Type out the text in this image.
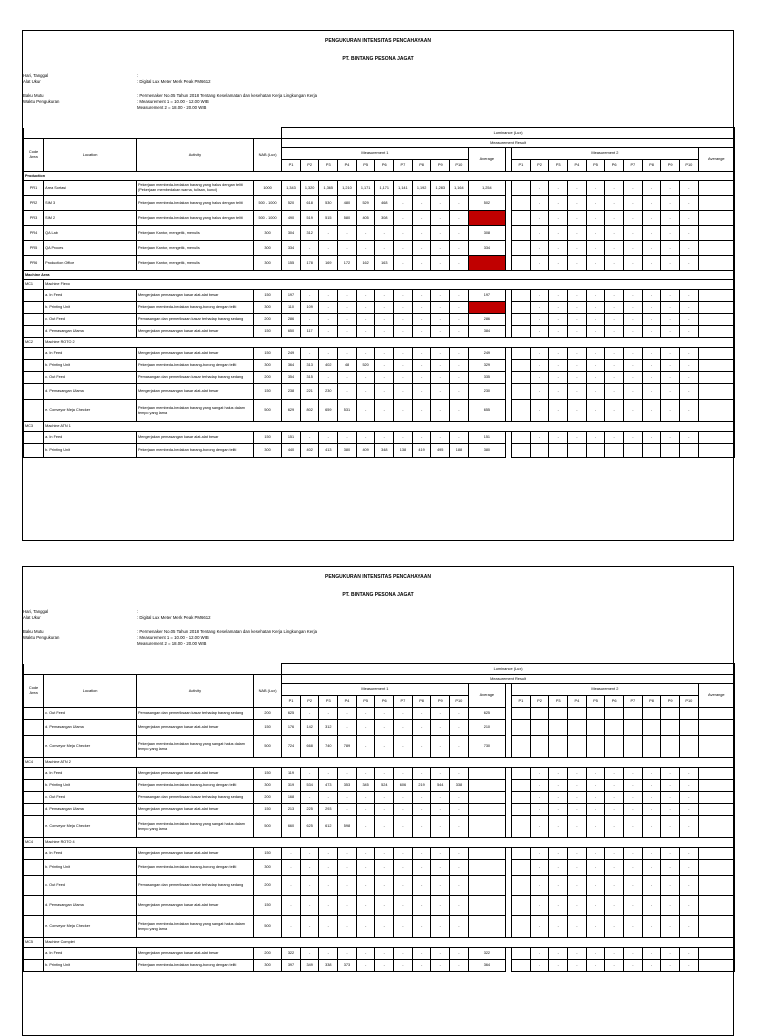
PENGUKURAN INTENSITAS PENCAHAYAAN
PT. BINTANG PESONA JAGAT
Hari, Tanggal	:
Alat Ukur	: Digital Lux Meter Merk Peak PM6612
Baku Mutu	: Permenaker No.05 Tahun 2018 Tentang Keselamatan dan kesehatan Kerja Lingkungan Kerja
Waktu Pengukuran	: Measurement 1 = 10.00 - 12.00 WIB
Measurement 2 = 18.00 - 20.00 WIB
				Luminance (Lux)																						
Code Area	Location	Activity	NAB (Lux)	Measurement Result																						
				Measurement 1										Average		Measurement 2										Averange
				P1	P2	P3	P4	P5	P6	P7	P8	P9	P10			P1	P2	P3	P4	P5	P6	P7	P8	P9	P10	
Production																										
PR1	Area Sortasi	Pekerjaan membeda-bedakan barang yang halus dengan teliti (Pekerjaan membedakan warna, tulisan, kunci)	1000	1,343	1,320	1,365	1,210	1,171	1,171	1,141	1,192	1,283	1,164	1,254			-	-	-	-	-	-	-	-	-	
PR2	SIM 3	Pekerjaan membeda-bedakan barang yang halus dengan teliti	500 - 1000	520	618	530	480	529	468	-	-	-	-	502			-	-	-	-	-	-	-	-	-	
PR3	SIM 2	Pekerjaan membeda-bedakan barang yang halus dengan teliti	500 - 1000	490	519	515	580	405	308	-	-	-	-				-	-	-	-	-	-	-	-	-	
PR4	QA Lab	Pekerjaan Kantor, mengetik, menulis	300	304	312	-	-	-	-	-	-	-	-	308			-	-	-	-	-	-	-	-	-	
PR5	QA Proces	Pekerjaan Kantor, mengetik, menulis	300	334	-	-	-	-	-	-	-	-	-	334			-	-	-	-	-	-	-	-	-	
PR6	Production Office	Pekerjaan Kantor, mengetik, menulis	300	155	178	169	172	162	163	-	-	-	-				-	-	-	-	-	-	-	-	-	
Machine Area																										
MC1	Machine Flexo																									
	a. In Feed	Mengerjakan pemasangan kasar alat-alat besar	150	197	-	-	-	-	-	-	-	-	-	197			-	-	-	-	-	-	-	-	-	
	b. Printing Unit	Pekerjaan membeda-bedakan barang-borong dengan teliti	300	110	109	-	-	-	-	-	-	-	-				-	-	-	-	-	-	-	-	-	
	c. Out Feed	Pemasangan dan pemeriksaan kasar terhadap barang sedang	200	286	-	-	-	-	-	-	-	-	-	286			-	-	-	-	-	-	-	-	-	
	d. Pemasangan Ulama	Mengerjakan pemasangan kasar alat-alat besar	150	650	117	-	-	-	-	-	-	-	-	384			-	-	-	-	-	-	-	-	-	
MC2	Machine ROTO 2																									
	a. In Feed	Mengerjakan pemasangan kasar alat-alat besar	150	249	-	-	-	-	-	-	-	-	-	249			-	-	-	-	-	-	-	-	-	
	b. Printing Unit	Pekerjaan membeda-bedakan barang-borong dengan teliti	300	364	313	402	48	520	-	-	-	-	-	329			-	-	-	-	-	-	-	-	-	
	c. Out Feed	Pemasangan dan pemeriksaan kasar terhadap barang sedang	200	354	315	-	-	-	-	-	-	-	-	335			-	-	-	-	-	-	-	-	-	
	d. Pemasangan Ulama	Mengerjakan pemasangan kasar alat-alat besar	150	238	221	230	-	-	-	-	-	-	-	230			-	-	-	-	-	-	-	-	-	
	e. Conveyor Meja Checker	Pekerjaan membeda-bedakan barang yang sangat halus dalam tempo yang lama	500	629	802	659	531	-	-	-	-	-	-	655			-	-	-	-	-	-	-	-	-	
MC3	Machine ATN 1																									
	a. In Feed	Mengerjakan pemasangan kasar alat-alat besar	150	151	-	-	-	-	-	-	-	-	-	151			-	-	-	-	-	-	-	-	-	
	b. Printing Unit	Pekerjaan membeda-bedakan barang-borong dengan teliti	300	440	402	413	380	409	348	138	419	495	188	380												
PENGUKURAN INTENSITAS PENCAHAYAAN
PT. BINTANG PESONA JAGAT
Hari, Tanggal	:
Alat Ukur	: Digital Lux Meter Merk Peak PM6612
Baku Mutu	: Permenaker No.05 Tahun 2018 Tentang Keselamatan dan kesehatan Kerja Lingkungan Kerja
Waktu Pengukuran	: Measurement 1 = 10.00 - 12.00 WIB
Measurement 2 = 18.00 - 20.00 WIB
				Luminance (Lux)																						
Code Area	Location	Activity	NAB (Lux)	Measurement Result																						
				Measurement 1										Average		Measurement 2										Averange
				P1	P2	P3	P4	P5	P6	P7	P8	P9	P10			P1	P2	P3	P4	P5	P6	P7	P8	P9	P10	
	c. Out Feed	Pemasangan dan pemeriksaan kasar terhadap barang sedang	200	625	-	-	-	-	-	-	-	-	-	625												
	d. Pemasangan Ulama	Mengerjakan pemasangan kasar alat-alat besar	150	176	142	312	-	-	-	-	-	-	-	210												
	e. Conveyor Meja Checker	Pekerjaan membeda-bedakan barang yang sangat halus dalam tempo yang lama	500	724	668	740	789	-	-	-	-	-	-	730												
MC4	Machine ATN 2																									
	a. In Feed	Mengerjakan pemasangan kasar alat-alat besar	150	119	-	-	-	-	-	-	-	-	-				-	-	-	-	-	-	-	-	-	
	b. Printing Unit	Pekerjaan membeda-bedakan barang-borong dengan teliti	300	319	534	473	353	345	524	606	219	544	338				-	-	-	-	-	-	-	-	-	
	c. Out Feed	Pemasangan dan pemeriksaan kasar terhadap barang sedang	200	168	-	-	-	-	-	-	-	-	-				-	-	-	-	-	-	-	-	-	
	d. Pemasangan Ulama	Mengerjakan pemasangan kasar alat-alat besar	150	213	225	293	-	-	-	-	-	-	-				-	-	-	-	-	-	-	-	-	
	e. Conveyor Meja Checker	Pekerjaan membeda-bedakan barang yang sangat halus dalam tempo yang lama	500	660	625	612	598	-	-	-	-	-	-				-	-	-	-	-	-	-	-	-	
MC4	Machine ROTO 4																									
	a. In Feed	Mengerjakan pemasangan kasar alat-alat besar	150	-	-	-	-	-	-	-	-	-	-				-	-	-	-	-	-	-	-	-	
	b. Printing Unit	Pekerjaan membeda-bedakan barang-borong dengan teliti	300	-	-	-	-	-	-	-	-	-	-				-	-	-	-	-	-	-	-	-	
	c. Out Feed	Pemasangan dan pemeriksaan kasar terhadap barang sedang	200	-	-	-	-	-	-	-	-	-	-				-	-	-	-	-	-	-	-	-	
	d. Pemasangan Ulama	Mengerjakan pemasangan kasar alat-alat besar	150	-	-	-	-	-	-	-	-	-	-				-	-	-	-	-	-	-	-	-	
	e. Conveyor Meja Checker	Pekerjaan membeda-bedakan barang yang sangat halus dalam tempo yang lama	500	-	-	-	-	-	-	-	-	-	-				-	-	-	-	-	-	-	-	-	
MC5	Machine Complet																									
	a. In Feed	Mengerjakan pemasangan kasar alat-alat besar	200	322	-	-	-	-	-	-	-	-	-	322			-	-	-	-	-	-	-	-	-	
	b. Printing Unit	Pekerjaan membeda-bedakan barang-borong dengan teliti	300	397	349	338	373	-	-	-	-	-	-	364			-	-	-	-	-	-	-	-	-	
